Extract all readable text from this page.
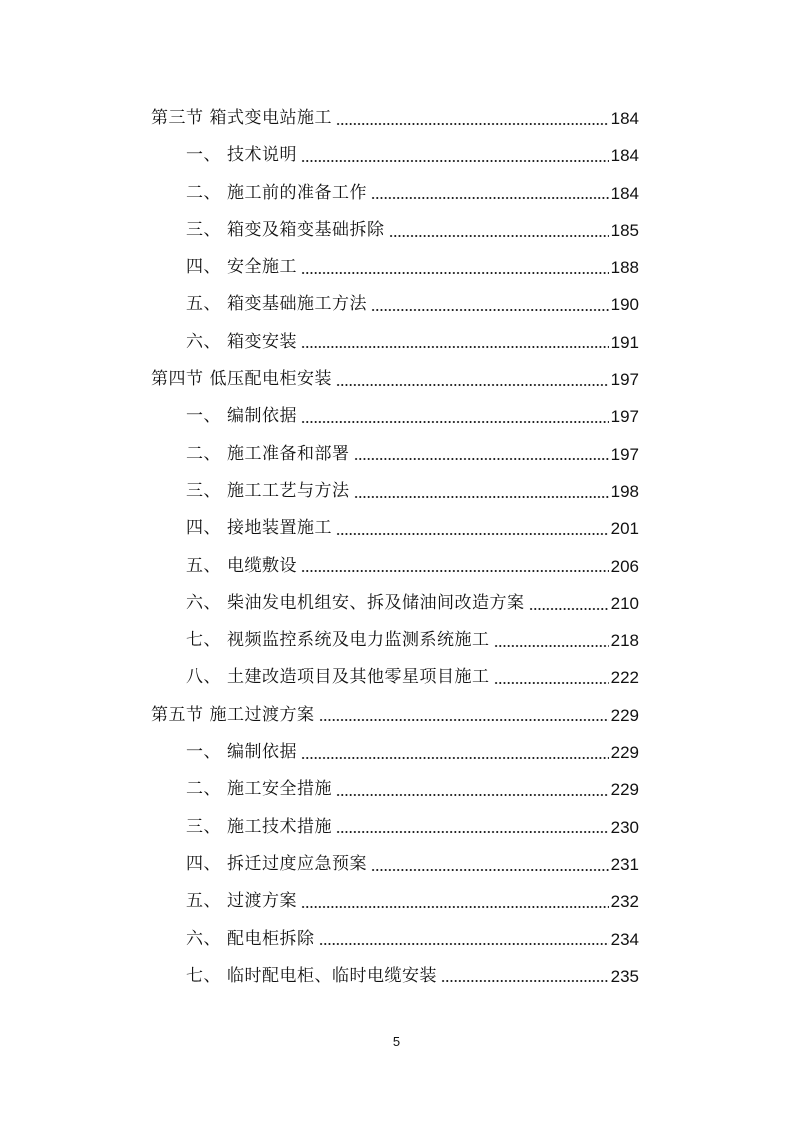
第三节 箱式变电站施工	184
一、 技术说明	184
二、 施工前的准备工作	184
三、 箱变及箱变基础拆除	185
四、 安全施工	188
五、 箱变基础施工方法	190
六、 箱变安装	191
第四节 低压配电柜安装	197
一、 编制依据	197
二、 施工准备和部署	197
三、 施工工艺与方法	198
四、 接地装置施工	201
五、 电缆敷设	206
六、 柴油发电机组安、拆及储油间改造方案	210
七、 视频监控系统及电力监测系统施工	218
八、 土建改造项目及其他零星项目施工	222
第五节 施工过渡方案	229
一、 编制依据	229
二、 施工安全措施	229
三、 施工技术措施	230
四、 拆迁过度应急预案	231
五、 过渡方案	232
六、 配电柜拆除	234
七、 临时配电柜、临时电缆安装	235
5
